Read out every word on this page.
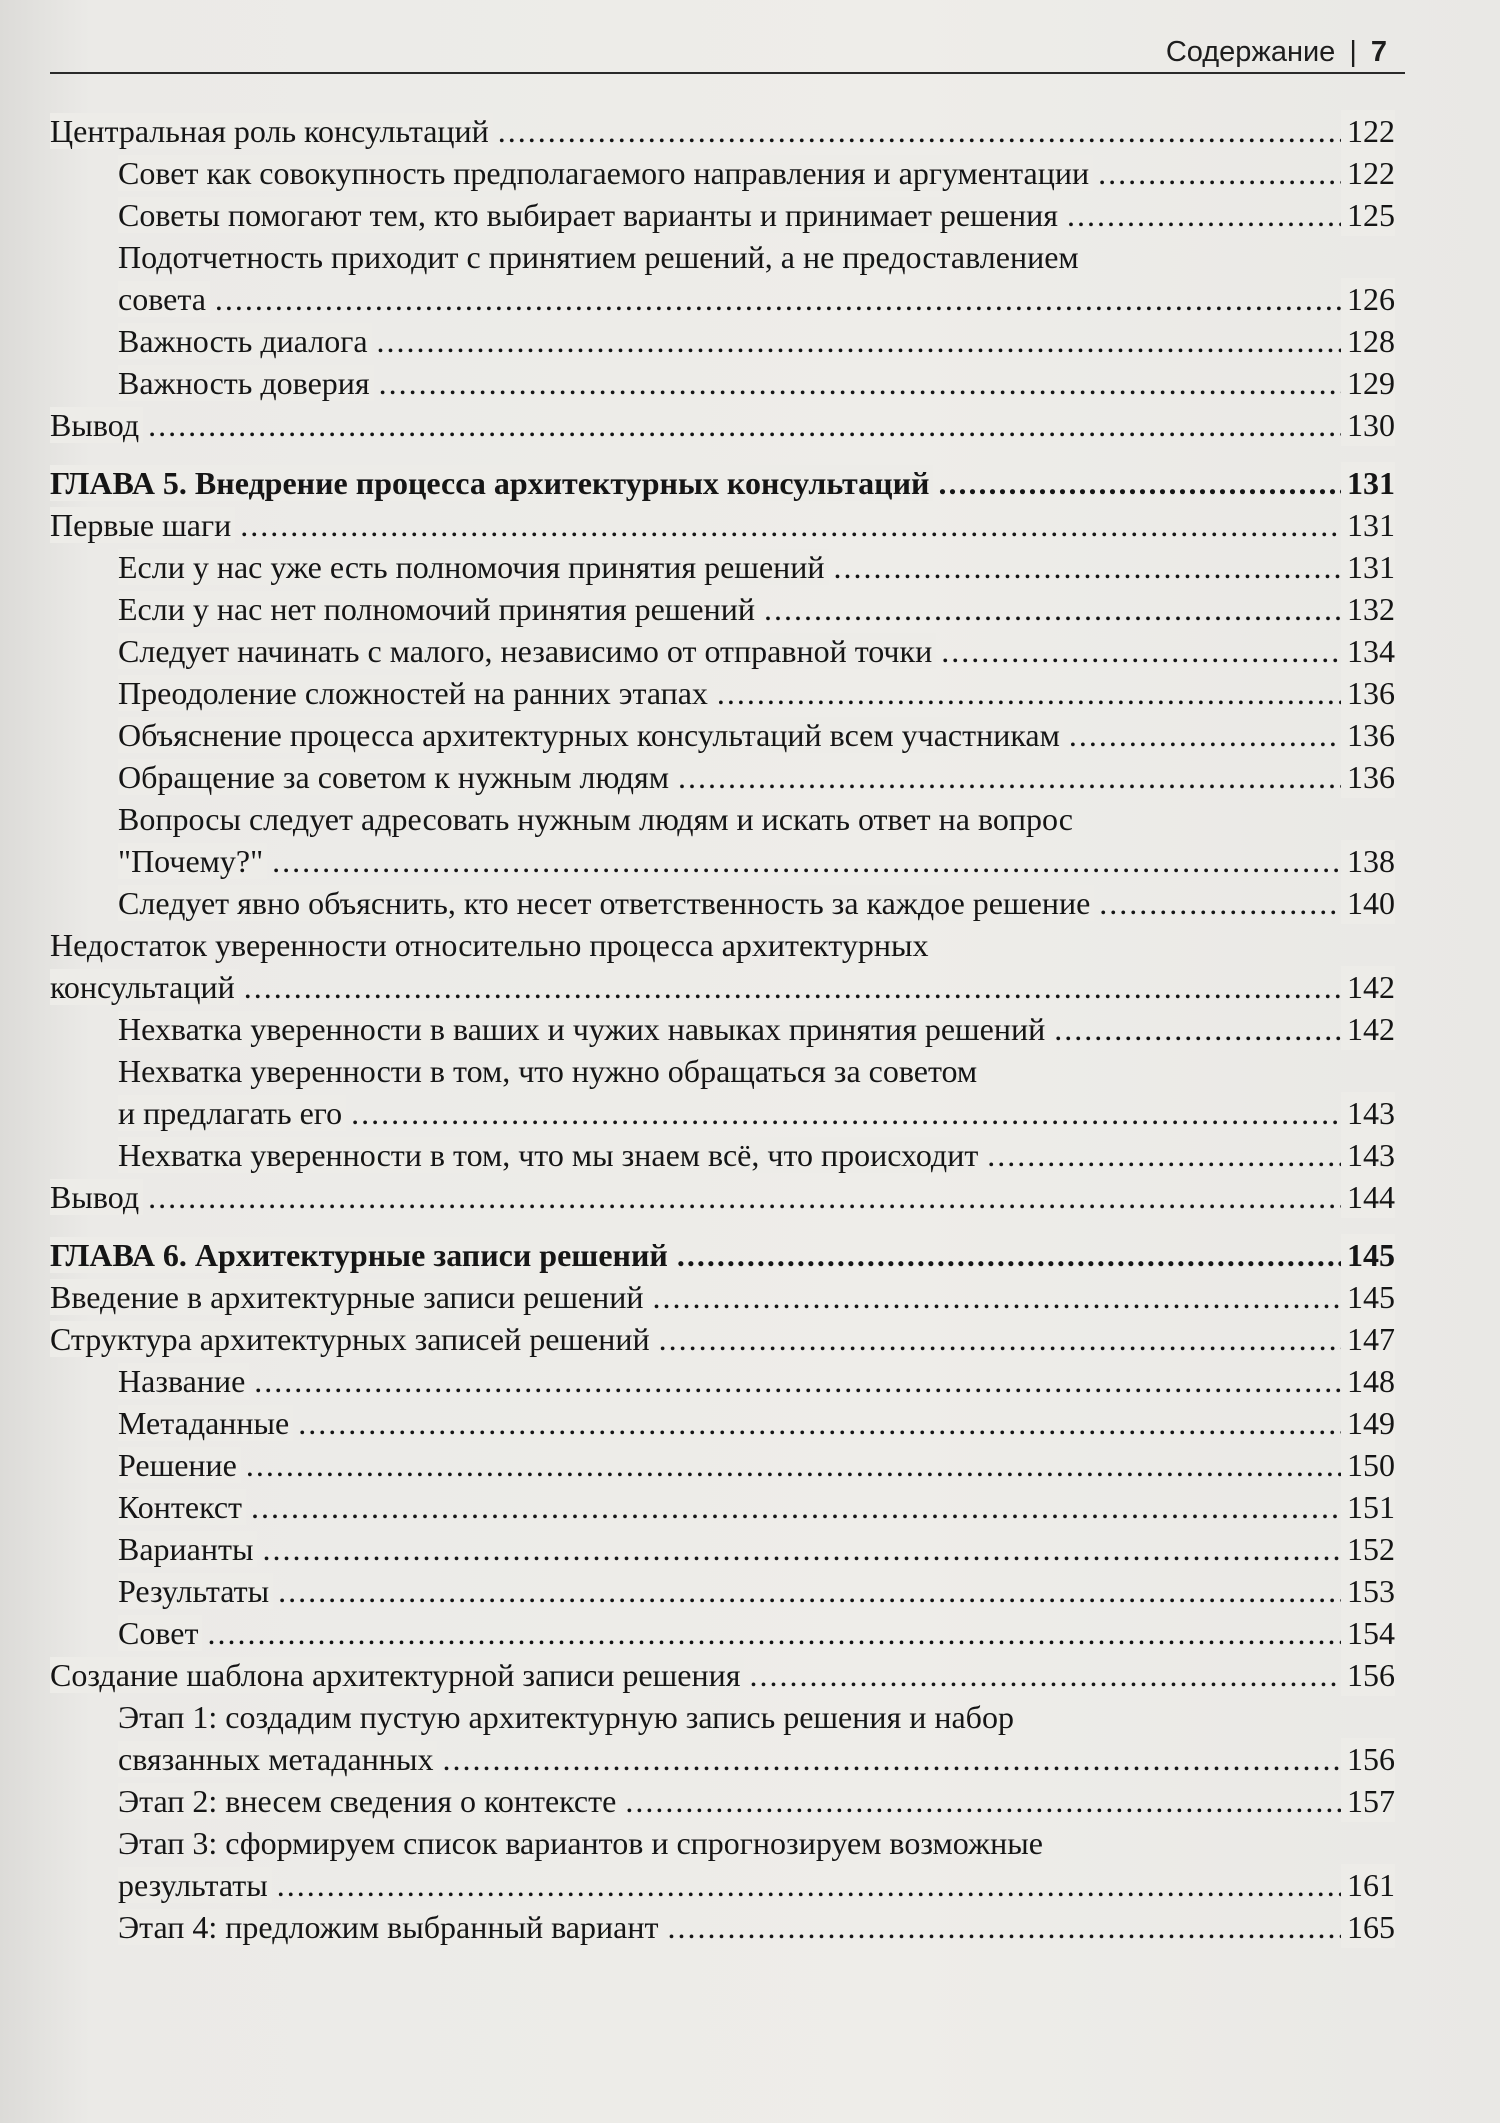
Содержание | 7
Центральная роль консультаций . . .	122
Совет как совокупность предполагаемого направления и аргументации . . .	122
Советы помогают тем, кто выбирает варианты и принимает решения . . .	125
Подотчетность приходит с принятием решений, а не предоставлением
совета . . .	126
Важность диалога . . .	128
Важность доверия . . .	129
Вывод . . .	130
ГЛАВА 5. Внедрение процесса архитектурных консультаций . . .	131
Первые шаги . . .	131
Если у нас уже есть полномочия принятия решений . . .	131
Если у нас нет полномочий принятия решений . . .	132
Следует начинать с малого, независимо от отправной точки . . .	134
Преодоление сложностей на ранних этапах . . .	136
Объяснение процесса архитектурных консультаций всем участникам . . .	136
Обращение за советом к нужным людям . . .	136
Вопросы следует адресовать нужным людям и искать ответ на вопрос
"Почему?" . . .	138
Следует явно объяснить, кто несет ответственность за каждое решение . . .	140
Недостаток уверенности относительно процесса архитектурных
консультаций . . .	142
Нехватка уверенности в ваших и чужих навыках принятия решений . . .	142
Нехватка уверенности в том, что нужно обращаться за советом
и предлагать его . . .	143
Нехватка уверенности в том, что мы знаем всё, что происходит . . .	143
Вывод . . .	144
ГЛАВА 6. Архитектурные записи решений . . .	145
Введение в архитектурные записи решений . . .	145
Структура архитектурных записей решений . . .	147
Название . . .	148
Метаданные . . .	149
Решение . . .	150
Контекст . . .	151
Варианты . . .	152
Результаты . . .	153
Совет . . .	154
Создание шаблона архитектурной записи решения . . .	156
Этап 1: создадим пустую архитектурную запись решения и набор
связанных метаданных . . .	156
Этап 2: внесем сведения о контексте . . .	157
Этап 3: сформируем список вариантов и спрогнозируем возможные
результаты . . .	161
Этап 4: предложим выбранный вариант . . .	165
